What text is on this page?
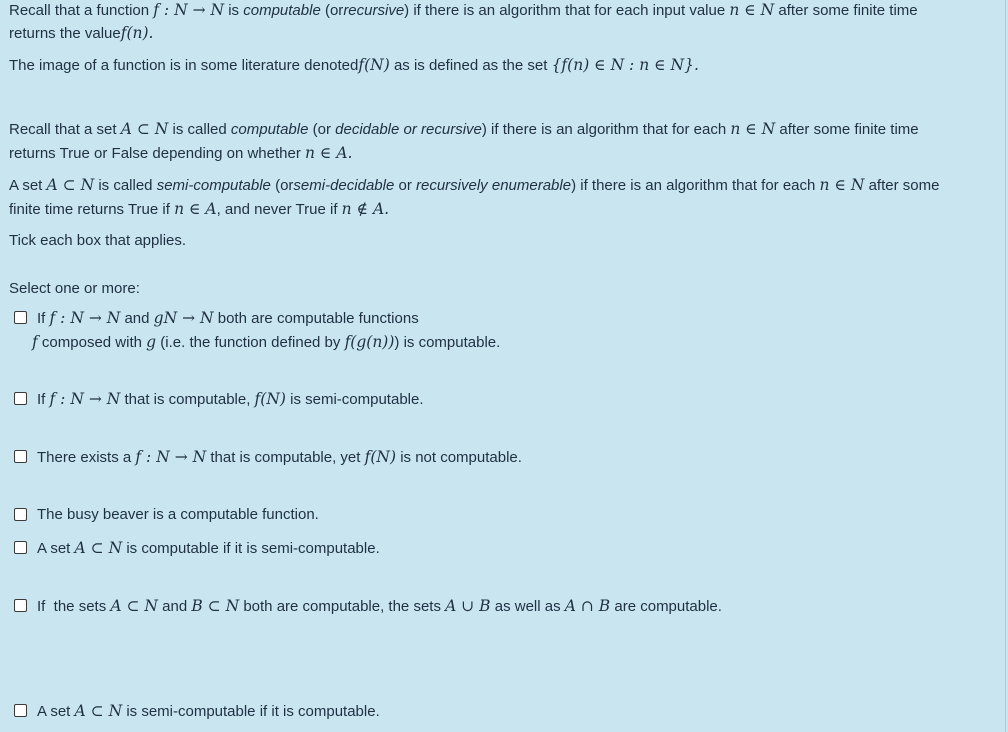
Recall that a function f : N → N is computable (orrecursive) if there is an algorithm that for each input value n ∈ N after some finite time
returns the valuef(n).
The image of a function is in some literature denotedf(N) as is defined as the set {f(n) ∈ N : n ∈ N}.
Recall that a set A ⊂ N is called computable (or decidable or recursive) if there is an algorithm that for each n ∈ N after some finite time
returns True or False depending on whether n ∈ A.
A set A ⊂ N is called semi-computable (orsemi-decidable or recursively enumerable) if there is an algorithm that for each n ∈ N after some
finite time returns True if n ∈ A, and never True if n ∉ A.
Tick each box that applies.
Select one or more:
If f : N → N and gN → N both are computable functions
f composed with g (i.e. the function defined by f(g(n))) is computable.
If f : N → N that is computable, f(N) is semi-computable.
There exists a f : N → N that is computable, yet f(N) is not computable.
The busy beaver is a computable function.
A set A ⊂ N is computable if it is semi-computable.
If  the sets A ⊂ N and B ⊂ N both are computable, the sets A ∪ B as well as A ∩ B are computable.
A set A ⊂ N is semi-computable if it is computable.
